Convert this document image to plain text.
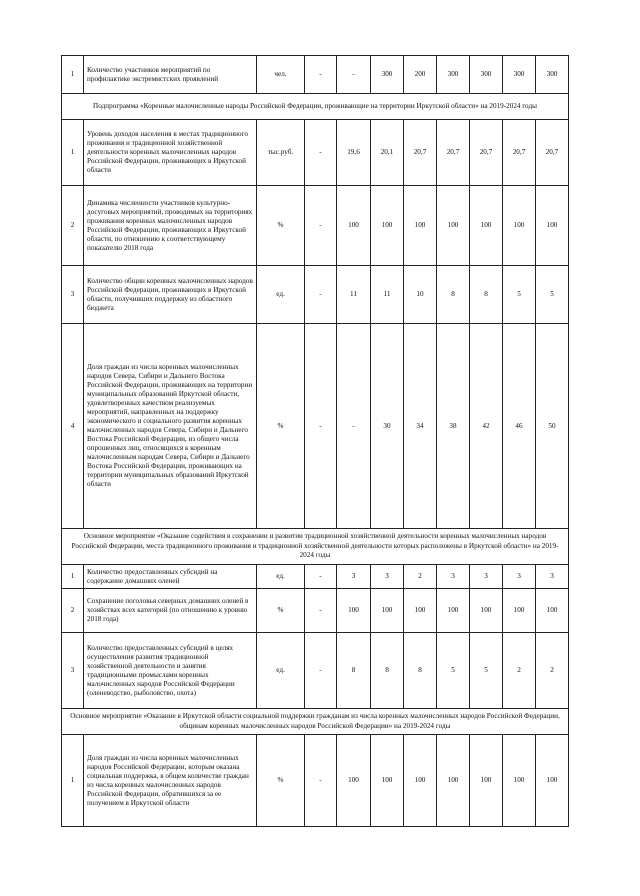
1	Количество участников мероприятий по профилактике экстремистских проявлений	чел.	-	-	300	200	300	300	300	300
Подпрограмма «Коренные малочисленные народы Российской Федерации, проживающие на территории Иркутской области» на 2019-2024 годы										
1	Уровень доходов населения в местах традиционного проживания и традиционной хозяйственной деятельности коренных малочисленных народов Российской Федерации, проживающих в Иркутской области	тыс.руб.	-	19,6	20,1	20,7	20,7	20,7	20,7	20,7
2	Динамика численности участников культурно-досуговых мероприятий, проводимых на территориях проживания коренных малочисленных народов Российской Федерации, проживающих в Иркутской области, по отношению к соответствующему показателю 2018 года	%	-	100	100	100	100	100	100	100
3	Количество общин коренных малочисленных народов Российской Федерации, проживающих в Иркутской области, получивших поддержку из областного бюджета	ед.	-	11	11	10	8	8	5	5
4	Доля граждан из числа коренных малочисленных народов Севера, Сибири и Дальнего Востока Российской Федерации, проживающих на территории муниципальных образований Иркутской области, удовлетворенных качеством реализуемых мероприятий, направленных на поддержку экономического и социального развития коренных малочисленных народов Севера, Сибири и Дальнего Востока Российской Федерации, из общего числа опрошенных лиц, относящихся к коренным малочисленным народам Севера, Сибири и Дальнего Востока Российской Федерации, проживающих на территории муниципальных образований Иркутской области	%	-	-	30	34	38	42	46	50
Основное мероприятие «Оказание содействия в сохранении и развитии традиционной хозяйственной деятельности коренных малочисленных народов Российской Федерации, места традиционного проживания и традиционной хозяйственной деятельности которых расположены в Иркутской области» на 2019-2024 годы										
1	Количество предоставленных субсидий на содержание домашних оленей	ед.	-	3	3	2	3	3	3	3
2	Сохранение поголовья северных домашних оленей в хозяйствах всех категорий (по отношению к уровню 2018 года)	%	-	100	100	100	100	100	100	100
3	Количество предоставленных субсидий в целях осуществления развития традиционной хозяйственной деятельности и занятия традиционными промыслами коренных малочисленных народов Российской Федерации (оленеводство, рыболовство, охота)	ед.	-	8	8	8	5	5	2	2
Основное мероприятие «Оказание в Иркутской области социальной поддержки гражданам из числа коренных малочисленных народов Российской Федерации, общинам коренных малочисленных народов Российской Федерации» на 2019-2024 годы										
1	Доля граждан из числа коренных малочисленных народов Российской Федерации, которым оказана социальная поддержка, в общем количестве граждан из числа коренных малочисленных народов Российской Федерации, обратившихся за ее получением в Иркутской области	%	-	100	100	100	100	100	100	100
